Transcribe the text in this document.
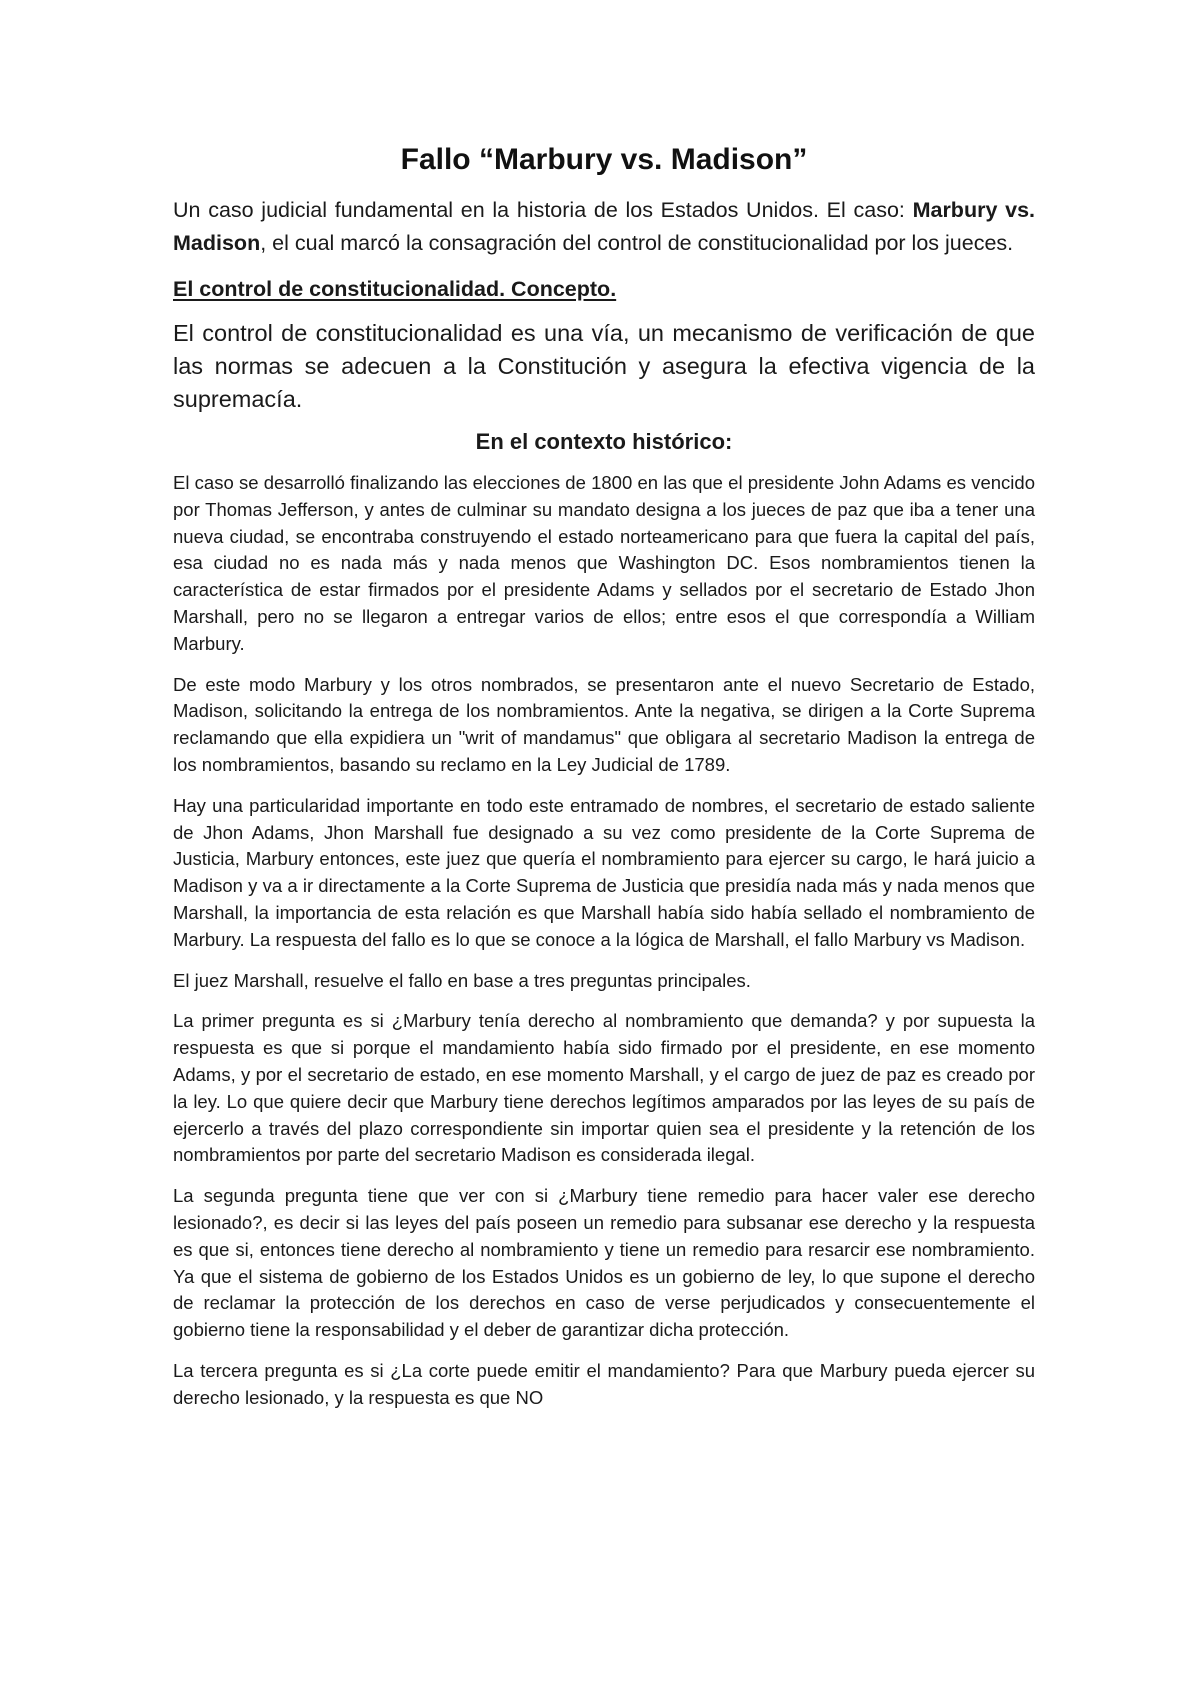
Fallo “Marbury vs. Madison”

Un caso judicial fundamental en la historia de los Estados Unidos. El caso: Marbury vs. Madison, el cual marcó la consagración del control de constitucionalidad por los jueces.

El control de constitucionalidad. Concepto.

El control de constitucionalidad es una vía, un mecanismo de verificación de que las normas se adecuen a la Constitución y asegura la efectiva vigencia de la supremacía.

En el contexto histórico:

El caso se desarrolló finalizando las elecciones de 1800 en las que el presidente John Adams es vencido por Thomas Jefferson, y antes de culminar su mandato designa a los jueces de paz que iba a tener una nueva ciudad, se encontraba construyendo el estado norteamericano para que fuera la capital del país, esa ciudad no es nada más y nada menos que Washington DC. Esos nombramientos tienen la característica de estar firmados por el presidente Adams y sellados por el secretario de Estado Jhon Marshall, pero no se llegaron a entregar varios de ellos; entre esos el que correspondía a William Marbury.

De este modo Marbury y los otros nombrados, se presentaron ante el nuevo Secretario de Estado, Madison, solicitando la entrega de los nombramientos. Ante la negativa, se dirigen a la Corte Suprema reclamando que ella expidiera un "writ of mandamus" que obligara al secretario Madison la entrega de los nombramientos, basando su reclamo en la Ley Judicial de 1789.

Hay una particularidad importante en todo este entramado de nombres, el secretario de estado saliente de Jhon Adams, Jhon Marshall fue designado a su vez como presidente de la Corte Suprema de Justicia, Marbury entonces, este juez que quería el nombramiento para ejercer su cargo, le hará juicio a Madison y va a ir directamente a la Corte Suprema de Justicia que presidía nada más y nada menos que Marshall, la importancia de esta relación es que Marshall había sido había sellado el nombramiento de Marbury. La respuesta del fallo es lo que se conoce a la lógica de Marshall, el fallo Marbury vs Madison.

El juez Marshall, resuelve el fallo en base a tres preguntas principales.

La primer pregunta es si ¿Marbury tenía derecho al nombramiento que demanda? y por supuesta la respuesta es que si porque el mandamiento había sido firmado por el presidente, en ese momento Adams, y por el secretario de estado, en ese momento Marshall, y el cargo de juez de paz es creado por la ley. Lo que quiere decir que Marbury tiene derechos legítimos amparados por las leyes de su país de ejercerlo a través del plazo correspondiente sin importar quien sea el presidente y la retención de los nombramientos por parte del secretario Madison es considerada ilegal.

La segunda pregunta tiene que ver con si ¿Marbury tiene remedio para hacer valer ese derecho lesionado?, es decir si las leyes del país poseen un remedio para subsanar ese derecho y la respuesta es que si, entonces tiene derecho al nombramiento y tiene un remedio para resarcir ese nombramiento. Ya que el sistema de gobierno de los Estados Unidos es un gobierno de ley, lo que supone el derecho de reclamar la protección de los derechos en caso de verse perjudicados y consecuentemente el gobierno tiene la responsabilidad y el deber de garantizar dicha protección.

La tercera pregunta es si ¿La corte puede emitir el mandamiento? Para que Marbury pueda ejercer su derecho lesionado, y la respuesta es que NO
